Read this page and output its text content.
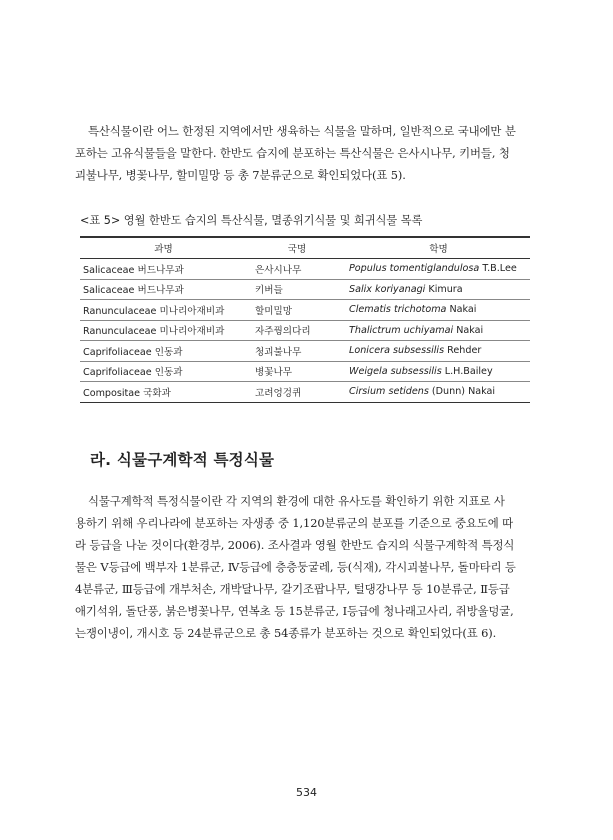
특산식물이란 어느 한정된 지역에서만 생육하는 식물을 말하며, 일반적으로 국내에만 분
포하는 고유식물들을 말한다. 한반도 습지에 분포하는 특산식물은 은사시나무, 키버들, 청
괴불나무, 병꽃나무, 할미밀망 등 총 7분류군으로 확인되었다(표 5).

<표 5> 영월 한반도 습지의 특산식물, 멸종위기식물 및 희귀식물 목록

과명	국명	학명
Salicaceae 버드나무과	은사시나무	Populus tomentiglandulosa T.B.Lee
Salicaceae 버드나무과	키버들	Salix koriyanagi Kimura
Ranunculaceae 미나리아재비과	할미밀망	Clematis trichotoma Nakai
Ranunculaceae 미나리아재비과	자주꿩의다리	Thalictrum uchiyamai Nakai
Caprifoliaceae 인동과	청괴불나무	Lonicera subsessilis Rehder
Caprifoliaceae 인동과	병꽃나무	Weigela subsessilis L.H.Bailey
Compositae 국화과	고려엉겅퀴	Cirsium setidens (Dunn) Nakai
라. 식물구계학적 특정식물

식물구계학적 특정식물이란 각 지역의 환경에 대한 유사도를 확인하기 위한 지표로 사
용하기 위해 우리나라에 분포하는 자생종 중 1,120분류군의 분포를 기준으로 중요도에 따
라 등급을 나눈 것이다(환경부, 2006). 조사결과 영월 한반도 습지의 식물구계학적 특정식
물은 Ⅴ등급에 백부자 1분류군, Ⅳ등급에 층층둥굴레, 등(식재), 각시괴불나무, 돌마타리 등
4분류군, Ⅲ등급에 개부처손, 개박달나무, 갈기조팝나무, 털댕강나무 등 10분류군, Ⅱ등급
애기석위, 돌단풍, 붉은병꽃나무, 연복초 등 15분류군, Ⅰ등급에 청나래고사리, 쥐방울덩굴,
는쟁이냉이, 개시호 등 24분류군으로 총 54종류가 분포하는 것으로 확인되었다(표 6).

534
